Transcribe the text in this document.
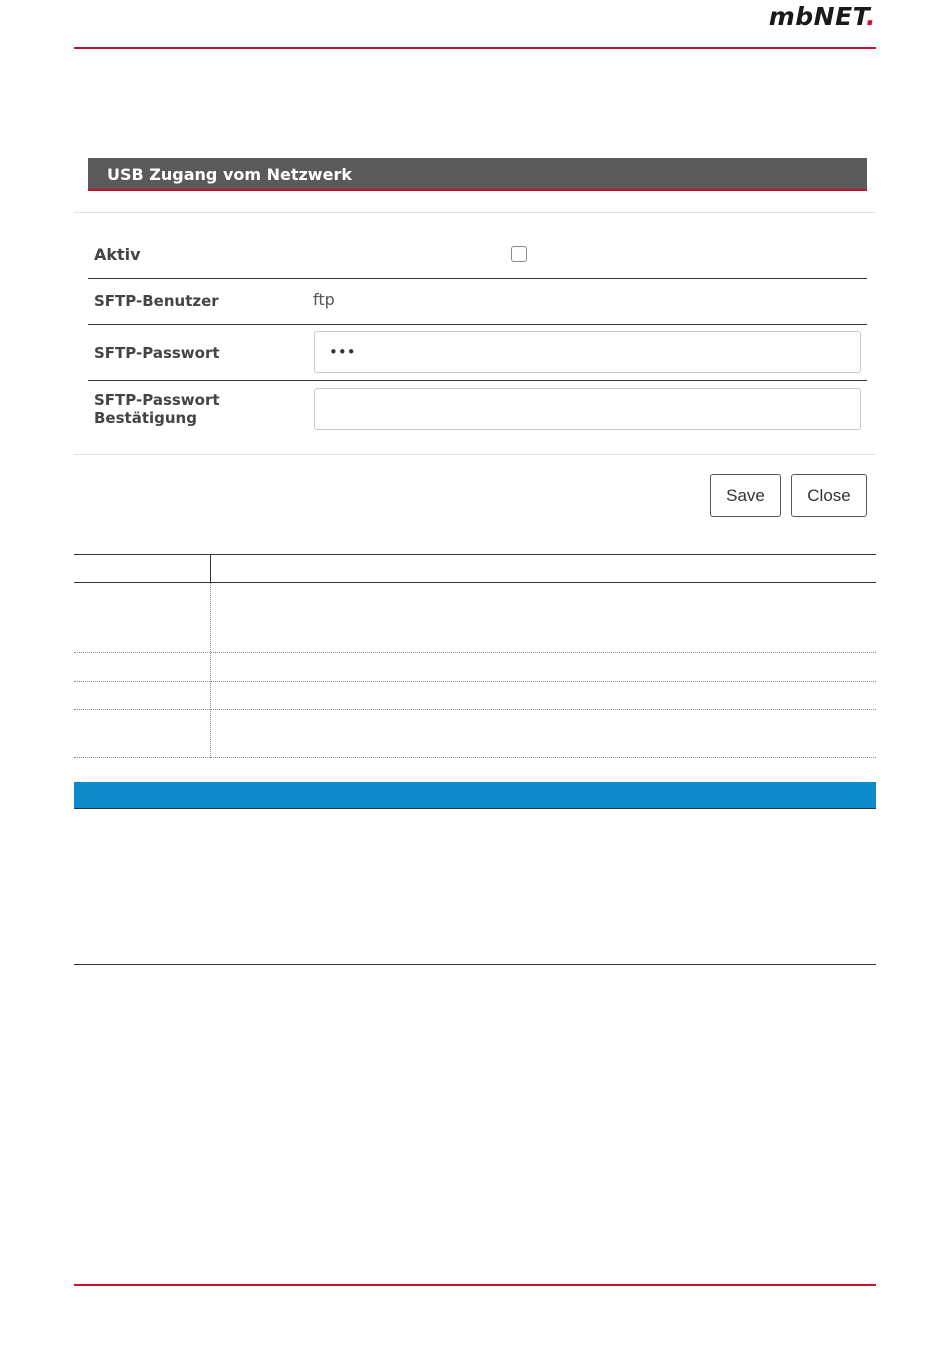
mbNET.
USB Zugang vom Netzwerk
Aktiv
SFTP-Benutzer	ftp
SFTP-Passwort
•••
SFTP-Passwort
Bestätigung
Save	Close
